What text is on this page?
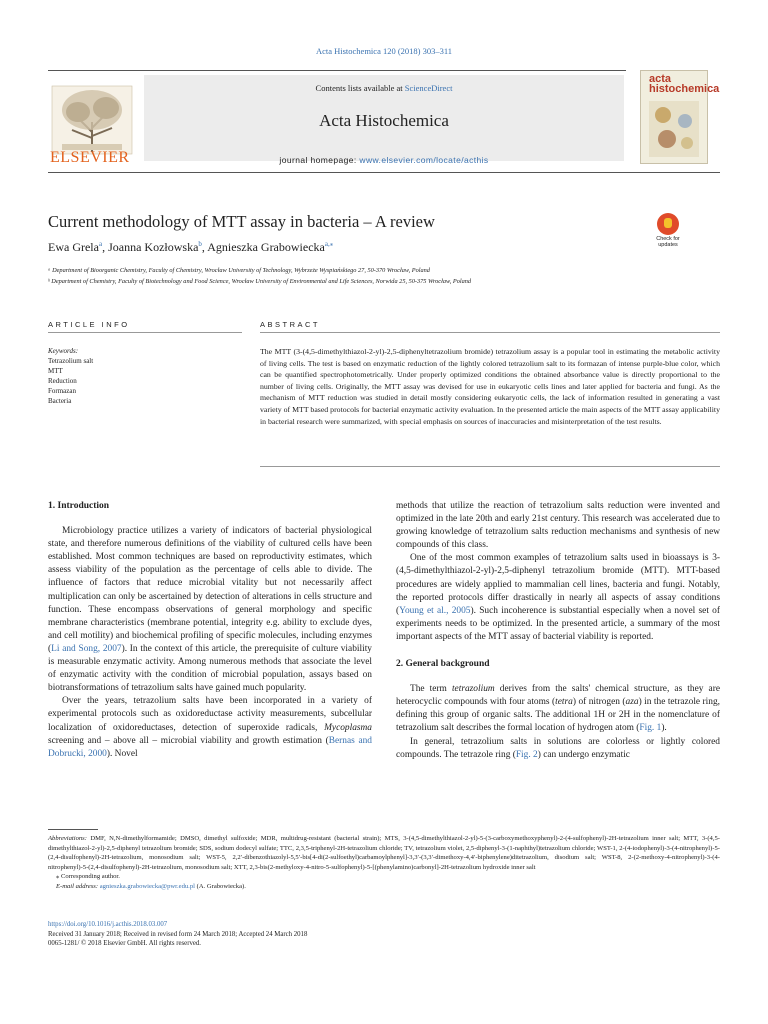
Acta Histochemica 120 (2018) 303–311
ELSEVIER
Contents lists available at ScienceDirect
Acta Histochemica
journal homepage: www.elsevier.com/locate/acthis
acta
histochemica
Current methodology of MTT assay in bacteria – A review
Ewa Grela$^a$, Joanna Kozłowska$^b$, Agnieszka Grabowiecka$^{a,⁎}$
Check for updates
ᵃ Department of Bioorganic Chemistry, Faculty of Chemistry, Wrocław University of Technology, Wybrzeże Wyspiańskiego 27, 50-370 Wrocław, Poland
ᵇ Department of Chemistry, Faculty of Biotechnology and Food Science, Wrocław University of Environmental and Life Sciences, Norwida 25, 50-375 Wrocław, Poland
ARTICLE INFO	ABSTRACT
Keywords:
Tetrazolium salt
MTT
Reduction
Formazan
Bacteria
The MTT (3-(4,5-dimethylthiazol-2-yl)-2,5-diphenyltetrazolium bromide) tetrazolium assay is a popular tool in estimating the metabolic activity of living cells. The test is based on enzymatic reduction of the lightly colored tetrazolium salt to its formazan of intense purple-blue color, which can be quantified spectrophotometrically. Under properly optimized conditions the obtained absorbance value is directly proportional to the number of living cells. Originally, the MTT assay was devised for use in eukaryotic cells lines and later applied for bacteria and fungi. As the mechanism of MTT reduction was studied in detail mostly considering eukaryotic cells, the lack of information resulted in generating a vast variety of MTT based protocols for bacterial enzymatic activity evaluation. In the presented article the main aspects of the MTT assay applicability in bacterial research were summarized, with special emphasis on sources of inaccuracies and misinterpretation of the test results.
1. Introduction

Microbiology practice utilizes a variety of indicators of bacterial physiological state, and therefore numerous definitions of the viability of cultured cells have been established. Most common techniques are based on reproductivity estimates, which assess viability of the population as the percentage of cells able to divide. The influence of factors that reduce microbial vitality but not necessarily affect multiplication can only be ascertained by detection of alterations in cells structure and function. These encompass observations of general morphology and specific membrane characteristics (membrane potential, integrity e.g. ability to exclude dyes, and cell motility) and biochemical profiling of specific molecules, including enzymes (Li and Song, 2007). In the context of this article, the prerequisite of culture viability is measurable enzymatic activity. Among numerous methods that associate the level of enzymatic activity with the condition of microbial population, assays based on biotransformations of tetrazolium salts have gained much popularity.

Over the years, tetrazolium salts have been incorporated in a variety of experimental protocols such as oxidoreductase activity measurements, subcellular localization of oxidoreductases, detection of superoxide radicals, Mycoplasma screening and – above all – microbial viability and growth estimation (Bernas and Dobrucki, 2000). Novel

methods that utilize the reaction of tetrazolium salts reduction were invented and optimized in the late 20th and early 21st century. This research was accelerated due to growing knowledge of tetrazolium salts reduction mechanisms and synthesis of new compounds of this class.

One of the most common examples of tetrazolium salts used in bioassays is 3-(4,5-dimethylthiazol-2-yl)-2,5-diphenyl tetrazolium bromide (MTT). MTT-based procedures are widely applied to mammalian cell lines, bacteria and fungi. Notably, the reported protocols differ drastically in nearly all aspects of assay conditions (Young et al., 2005). Such incoherence is substantial especially when a novel set of experiments needs to be optimized. In the presented article, a summary of the most important aspects of the MTT assay of bacterial viability is reported.

2. General background

The term tetrazolium derives from the salts' chemical structure, as they are heterocyclic compounds with four atoms (tetra) of nitrogen (aza) in the tetrazole ring, defining this group of organic salts. The additional 1H or 2H in the nomenclature of tetrazolium salt describes the formal location of hydrogen atom (Fig. 1).

In general, tetrazolium salts in solutions are colorless or lightly colored compounds. The tetrazole ring (Fig. 2) can undergo enzymatic

Abbreviations: DMF, N,N-dimethylformamide; DMSO, dimethyl sulfoxide; MDR, multidrug-resistant (bacterial strain); MTS, 3-(4,5-dimethylthiazol-2-yl)-5-(3-carboxymethoxyphenyl)-2-(4-sulfophenyl)-2H-tetrazolium inner salt; MTT, 3-(4,5-dimethylthiazol-2-yl)-2,5-diphenyl tetrazolium bromide; SDS, sodium dodecyl sulfate; TTC, 2,3,5-triphenyl-2H-tetrazolium chloride; TV, tetrazolium violet, 2,5-diphenyl-3-(1-naphthyl)tetrazolium chloride; WST-1, 2-(4-iodophenyl)-3-(4-nitrophenyl)-5-(2,4-disulfophenyl)-2H-tetrazolium, monosodium salt; WST-5, 2,2′-dibenzothiazolyl-5,5′-bis[4-di(2-sulfoethyl)carbamoylphenyl]-3,3′-(3,3′-dimethoxy-4,4′-biphenylene)ditetrazolium, disodium salt; WST-8, 2-(2-methoxy-4-nitrophenyl)-3-(4-nitrophenyl)-5-(2,4-disulfophenyl)-2H-tetrazolium, monosodium salt; XTT, 2,3-bis(2-methyloxy-4-nitro-5-sulfophenyl)-5-[(phenylamino)carbonyl]-2H-tetrazolium hydroxide inner salt
⁎ Corresponding author.
E-mail address: agnieszka.grabowiecka@pwr.edu.pl (A. Grabowiecka).
https://doi.org/10.1016/j.acthis.2018.03.007
Received 31 January 2018; Received in revised form 24 March 2018; Accepted 24 March 2018
0065-1281/ © 2018 Elsevier GmbH. All rights reserved.
